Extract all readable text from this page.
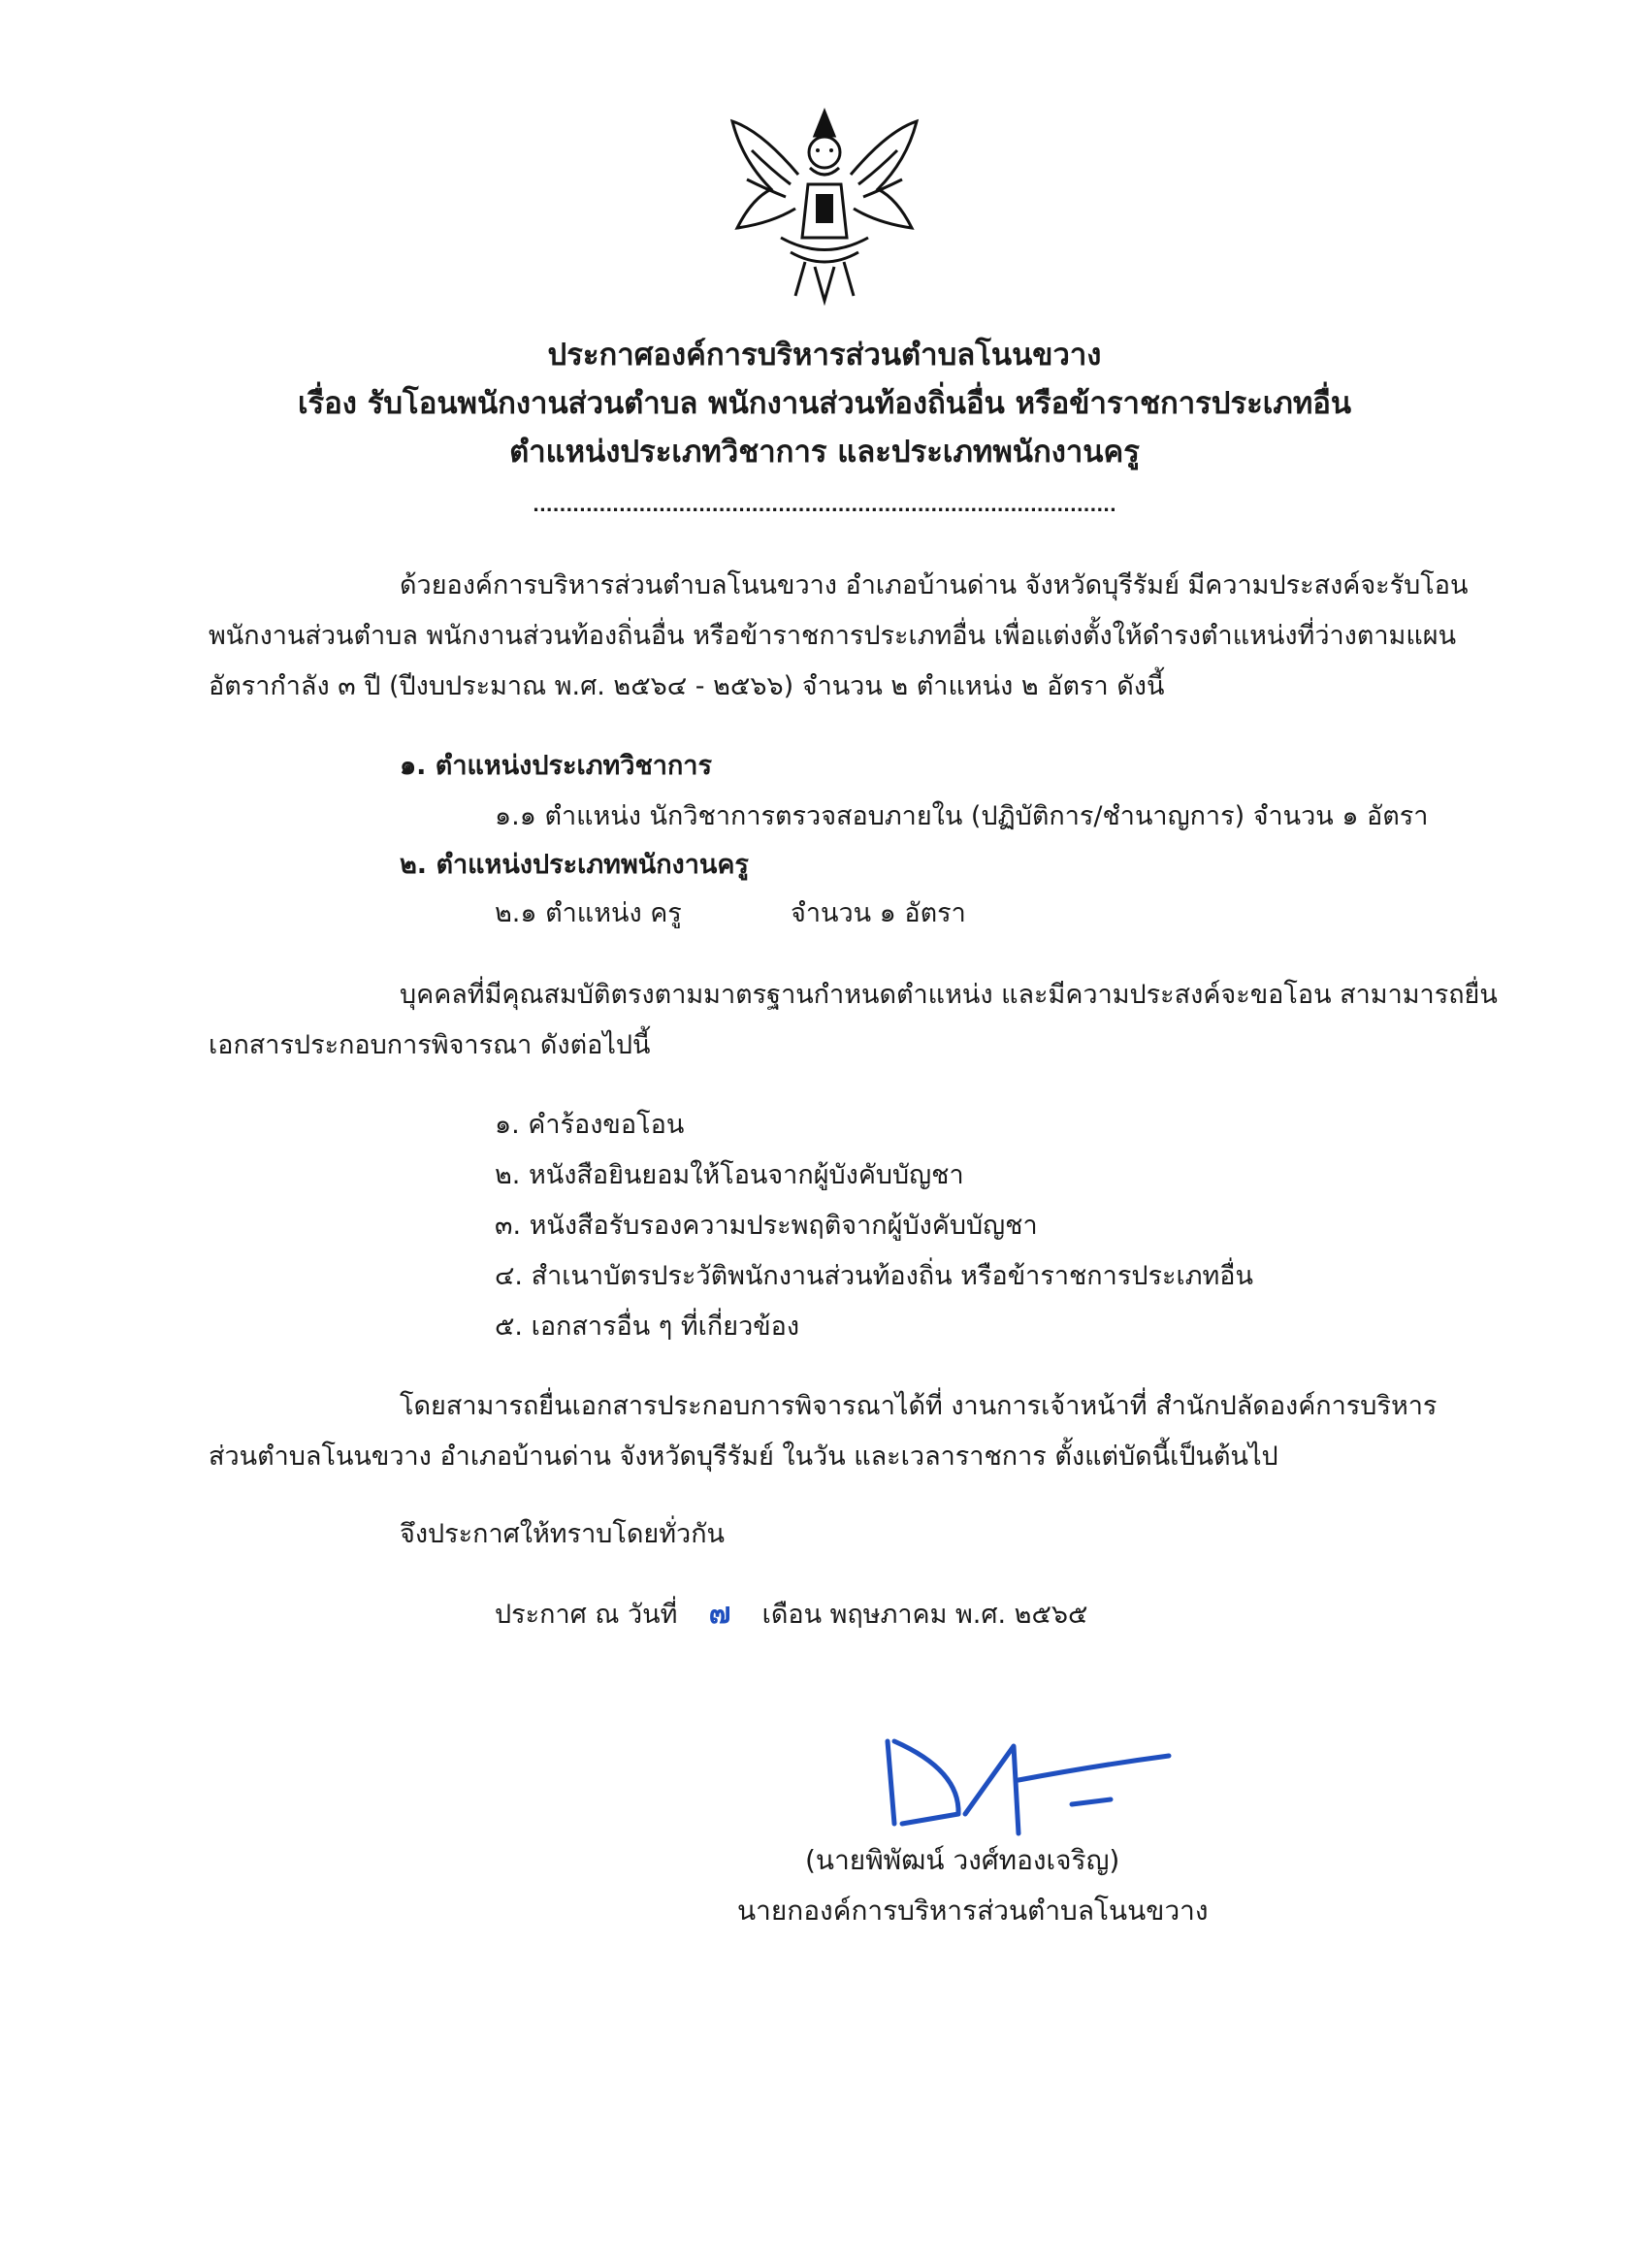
ประกาศองค์การบริหารส่วนตำบลโนนขวาง
เรื่อง รับโอนพนักงานส่วนตำบล พนักงานส่วนท้องถิ่นอื่น หรือข้าราชการประเภทอื่น
ตำแหน่งประเภทวิชาการ และประเภทพนักงานครู
........................................................................................
ด้วยองค์การบริหารส่วนตำบลโนนขวาง อำเภอบ้านด่าน จังหวัดบุรีรัมย์ มีความประสงค์จะรับโอน
พนักงานส่วนตำบล พนักงานส่วนท้องถิ่นอื่น หรือข้าราชการประเภทอื่น เพื่อแต่งตั้งให้ดำรงตำแหน่งที่ว่างตามแผน
อัตรากำลัง ๓ ปี (ปีงบประมาณ พ.ศ. ๒๕๖๔ - ๒๕๖๖) จำนวน ๒ ตำแหน่ง ๒ อัตรา ดังนี้
๑. ตำแหน่งประเภทวิชาการ
๑.๑ ตำแหน่ง นักวิชาการตรวจสอบภายใน (ปฏิบัติการ/ชำนาญการ) จำนวน ๑ อัตรา
๒. ตำแหน่งประเภทพนักงานครู
๒.๑ ตำแหน่ง ครู	จำนวน ๑ อัตรา
บุคคลที่มีคุณสมบัติตรงตามมาตรฐานกำหนดตำแหน่ง และมีความประสงค์จะขอโอน สามามารถยื่น
เอกสารประกอบการพิจารณา ดังต่อไปนี้
๑. คำร้องขอโอน
๒. หนังสือยินยอมให้โอนจากผู้บังคับบัญชา
๓. หนังสือรับรองความประพฤติจากผู้บังคับบัญชา
๔. สำเนาบัตรประวัติพนักงานส่วนท้องถิ่น หรือข้าราชการประเภทอื่น
๕. เอกสารอื่น ๆ ที่เกี่ยวข้อง
โดยสามารถยื่นเอกสารประกอบการพิจารณาได้ที่ งานการเจ้าหน้าที่ สำนักปลัดองค์การบริหาร
ส่วนตำบลโนนขวาง อำเภอบ้านด่าน จังหวัดบุรีรัมย์ ในวัน และเวลาราชการ ตั้งแต่บัดนี้เป็นต้นไป
จึงประกาศให้ทราบโดยทั่วกัน
ประกาศ ณ วันที่ ๗ เดือน พฤษภาคม พ.ศ. ๒๕๖๕
(นายพิพัฒน์ วงศ์ทองเจริญ)
นายกองค์การบริหารส่วนตำบลโนนขวาง
